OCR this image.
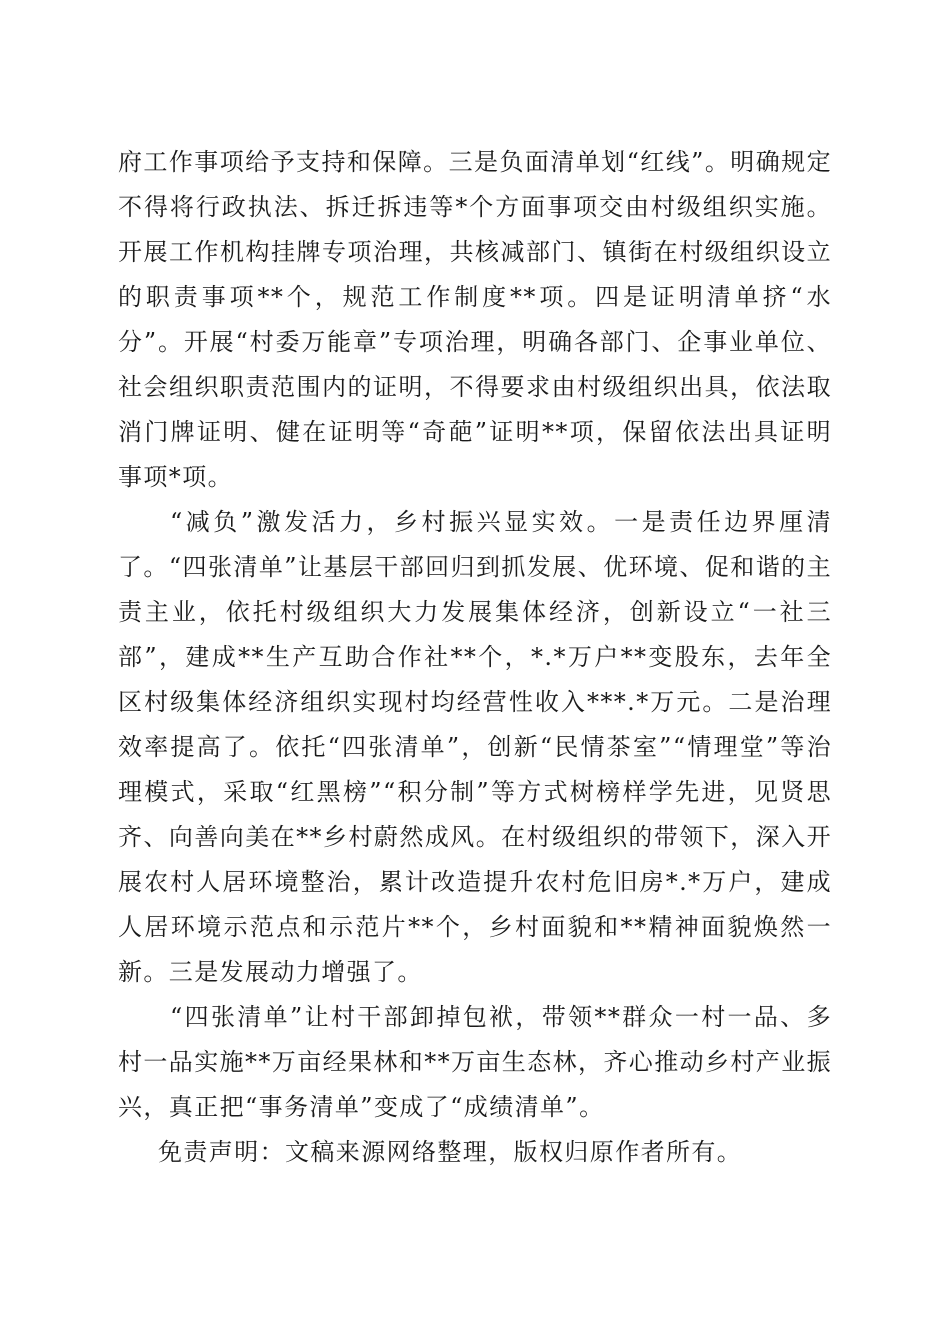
府工作事项给予支持和保障。三是负面清单划“红线”。明确规定不得将行政执法、拆迁拆违等*个方面事项交由村级组织实施。开展工作机构挂牌专项治理，共核减部门、镇街在村级组织设立的职责事项**个，规范工作制度**项。四是证明清单挤“水分”。开展“村委万能章”专项治理，明确各部门、企事业单位、社会组织职责范围内的证明，不得要求由村级组织出具，依法取消门牌证明、健在证明等“奇葩”证明**项，保留依法出具证明事项*项。

“减负”激发活力，乡村振兴显实效。一是责任边界厘清了。“四张清单”让基层干部回归到抓发展、优环境、促和谐的主责主业，依托村级组织大力发展集体经济，创新设立“一社三部”，建成**生产互助合作社**个，*.*万户**变股东，去年全区村级集体经济组织实现村均经营性收入***.*万元。二是治理效率提高了。依托“四张清单”，创新“民情茶室”“情理堂”等治理模式，采取“红黑榜”“积分制”等方式树榜样学先进，见贤思齐、向善向美在**乡村蔚然成风。在村级组织的带领下，深入开展农村人居环境整治，累计改造提升农村危旧房*.*万户，建成人居环境示范点和示范片**个，乡村面貌和**精神面貌焕然一新。三是发展动力增强了。

“四张清单”让村干部卸掉包袱，带领**群众一村一品、多村一品实施**万亩经果林和**万亩生态林，齐心推动乡村产业振兴，真正把“事务清单”变成了“成绩清单”。

免责声明：文稿来源网络整理，版权归原作者所有。
